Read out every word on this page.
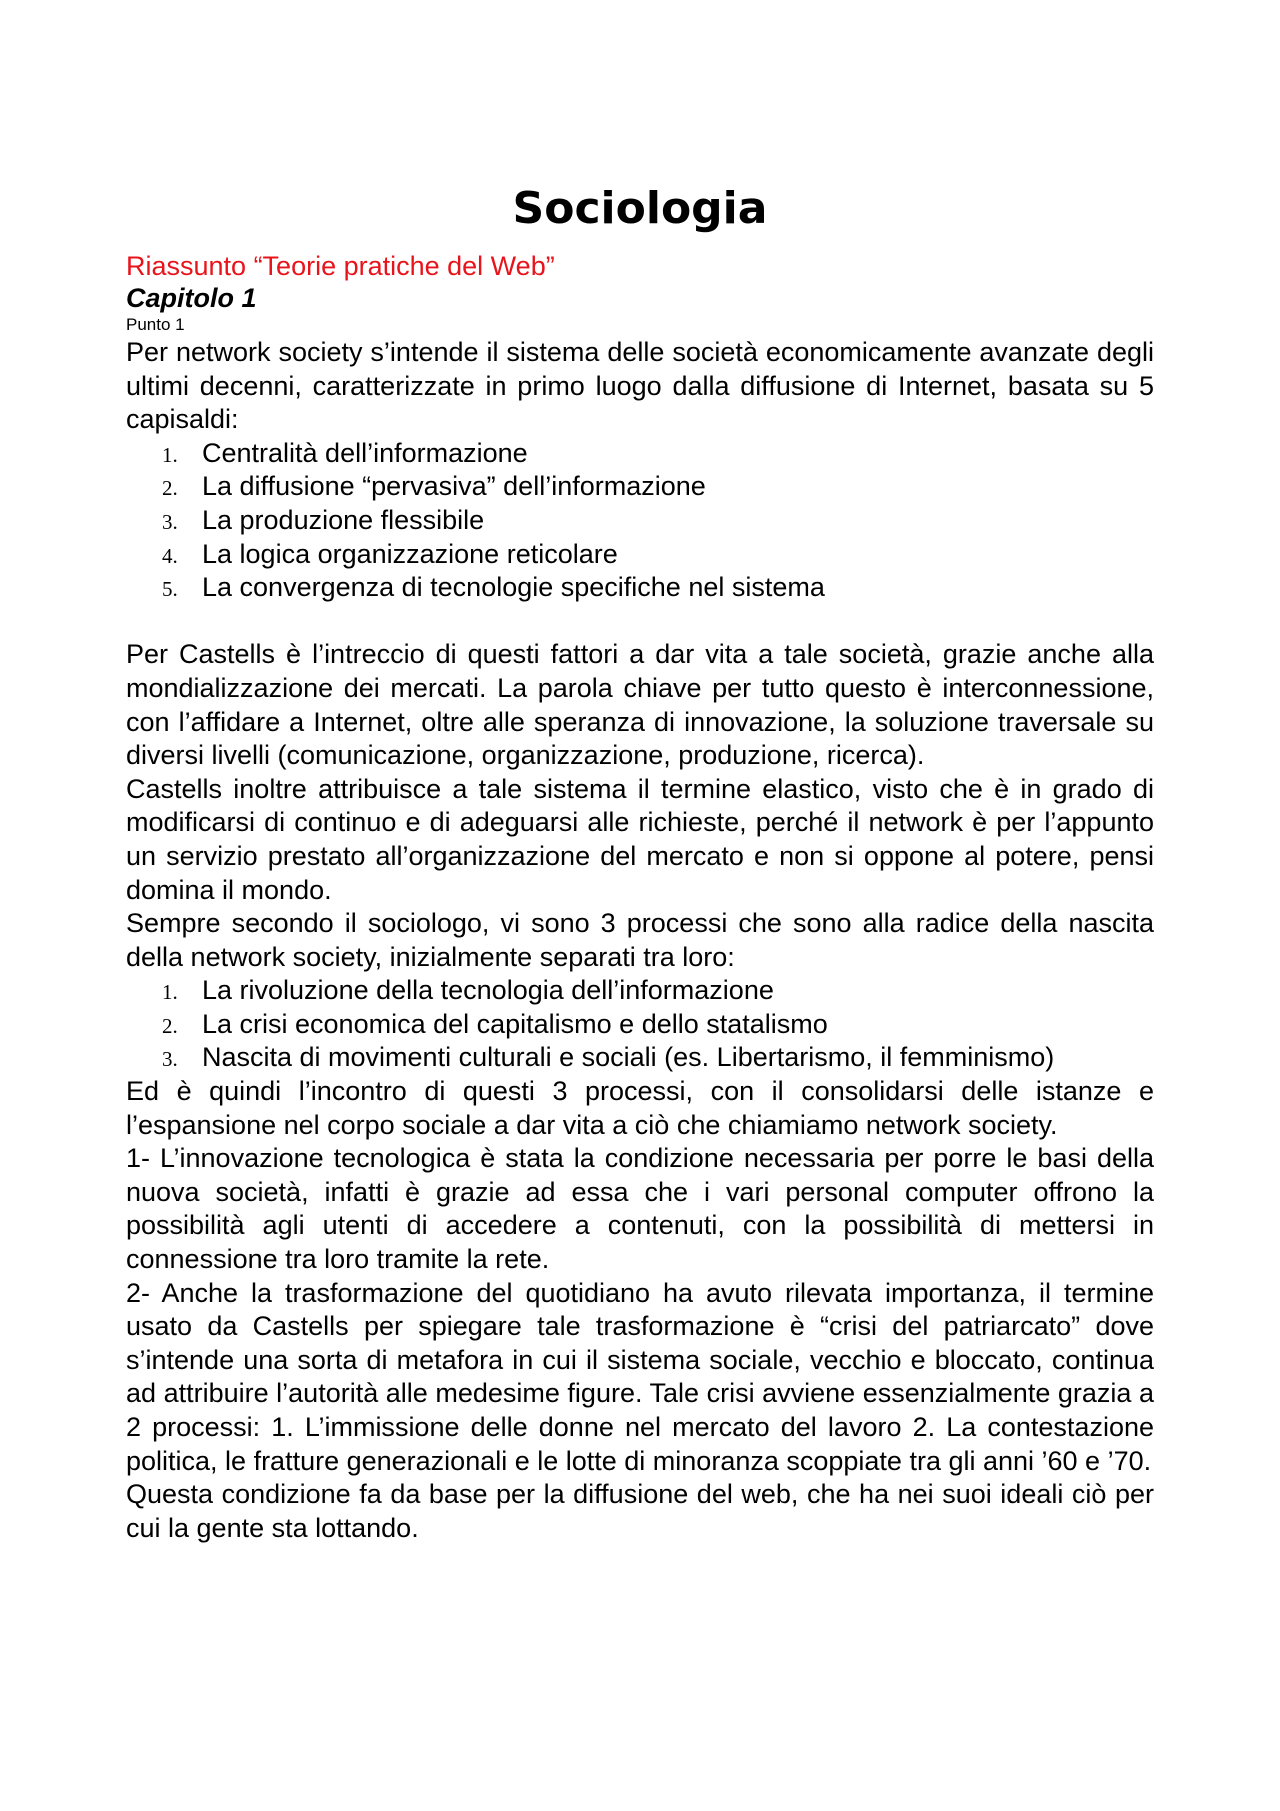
Sociologia

Riassunto “Teorie pratiche del Web”

Capitolo 1

Punto 1

Per network society s’intende il sistema delle società economicamente avanzate degli ultimi decenni, caratterizzate in primo luogo dalla diffusione di Internet, basata su 5 capisaldi:

1. Centralità dell’informazione
2. La diffusione “pervasiva” dell’informazione
3. La produzione flessibile
4. La logica organizzazione reticolare
5. La convergenza di tecnologie specifiche nel sistema

Per Castells è l’intreccio di questi fattori a dar vita a tale società, grazie anche alla mondializzazione dei mercati. La parola chiave per tutto questo è interconnessione, con l’affidare a Internet, oltre alle speranza di innovazione, la soluzione traversale su diversi livelli (comunicazione, organizzazione, produzione, ricerca).

Castells inoltre attribuisce a tale sistema il termine elastico, visto che è in grado di modificarsi di continuo e di adeguarsi alle richieste, perché il network è per l’appunto un servizio prestato all’organizzazione del mercato e non si oppone al potere, pensi domina il mondo.

Sempre secondo il sociologo, vi sono 3 processi che sono alla radice della nascita della network society, inizialmente separati tra loro:

1. La rivoluzione della tecnologia dell’informazione
2. La crisi economica del capitalismo e dello statalismo
3. Nascita di movimenti culturali e sociali (es. Libertarismo, il femminismo)

Ed è quindi l’incontro di questi 3 processi, con il consolidarsi delle istanze e l’espansione nel corpo sociale a dar vita a ciò che chiamiamo network society.

1- L’innovazione tecnologica è stata la condizione necessaria per porre le basi della nuova società, infatti è grazie ad essa che i vari personal computer offrono la possibilità agli utenti di accedere a contenuti, con la possibilità di mettersi in connessione tra loro tramite la rete.

2- Anche la trasformazione del quotidiano ha avuto rilevata importanza, il termine usato da Castells per spiegare tale trasformazione è “crisi del patriarcato” dove s’intende una sorta di metafora in cui il sistema sociale, vecchio e bloccato, continua ad attribuire l’autorità alle medesime figure. Tale crisi avviene essenzialmente grazia a 2 processi: 1. L’immissione delle donne nel mercato del lavoro 2. La contestazione politica, le fratture generazionali e le lotte di minoranza scoppiate tra gli anni ’60 e ’70.

Questa condizione fa da base per la diffusione del web, che ha nei suoi ideali ciò per cui la gente sta lottando.
